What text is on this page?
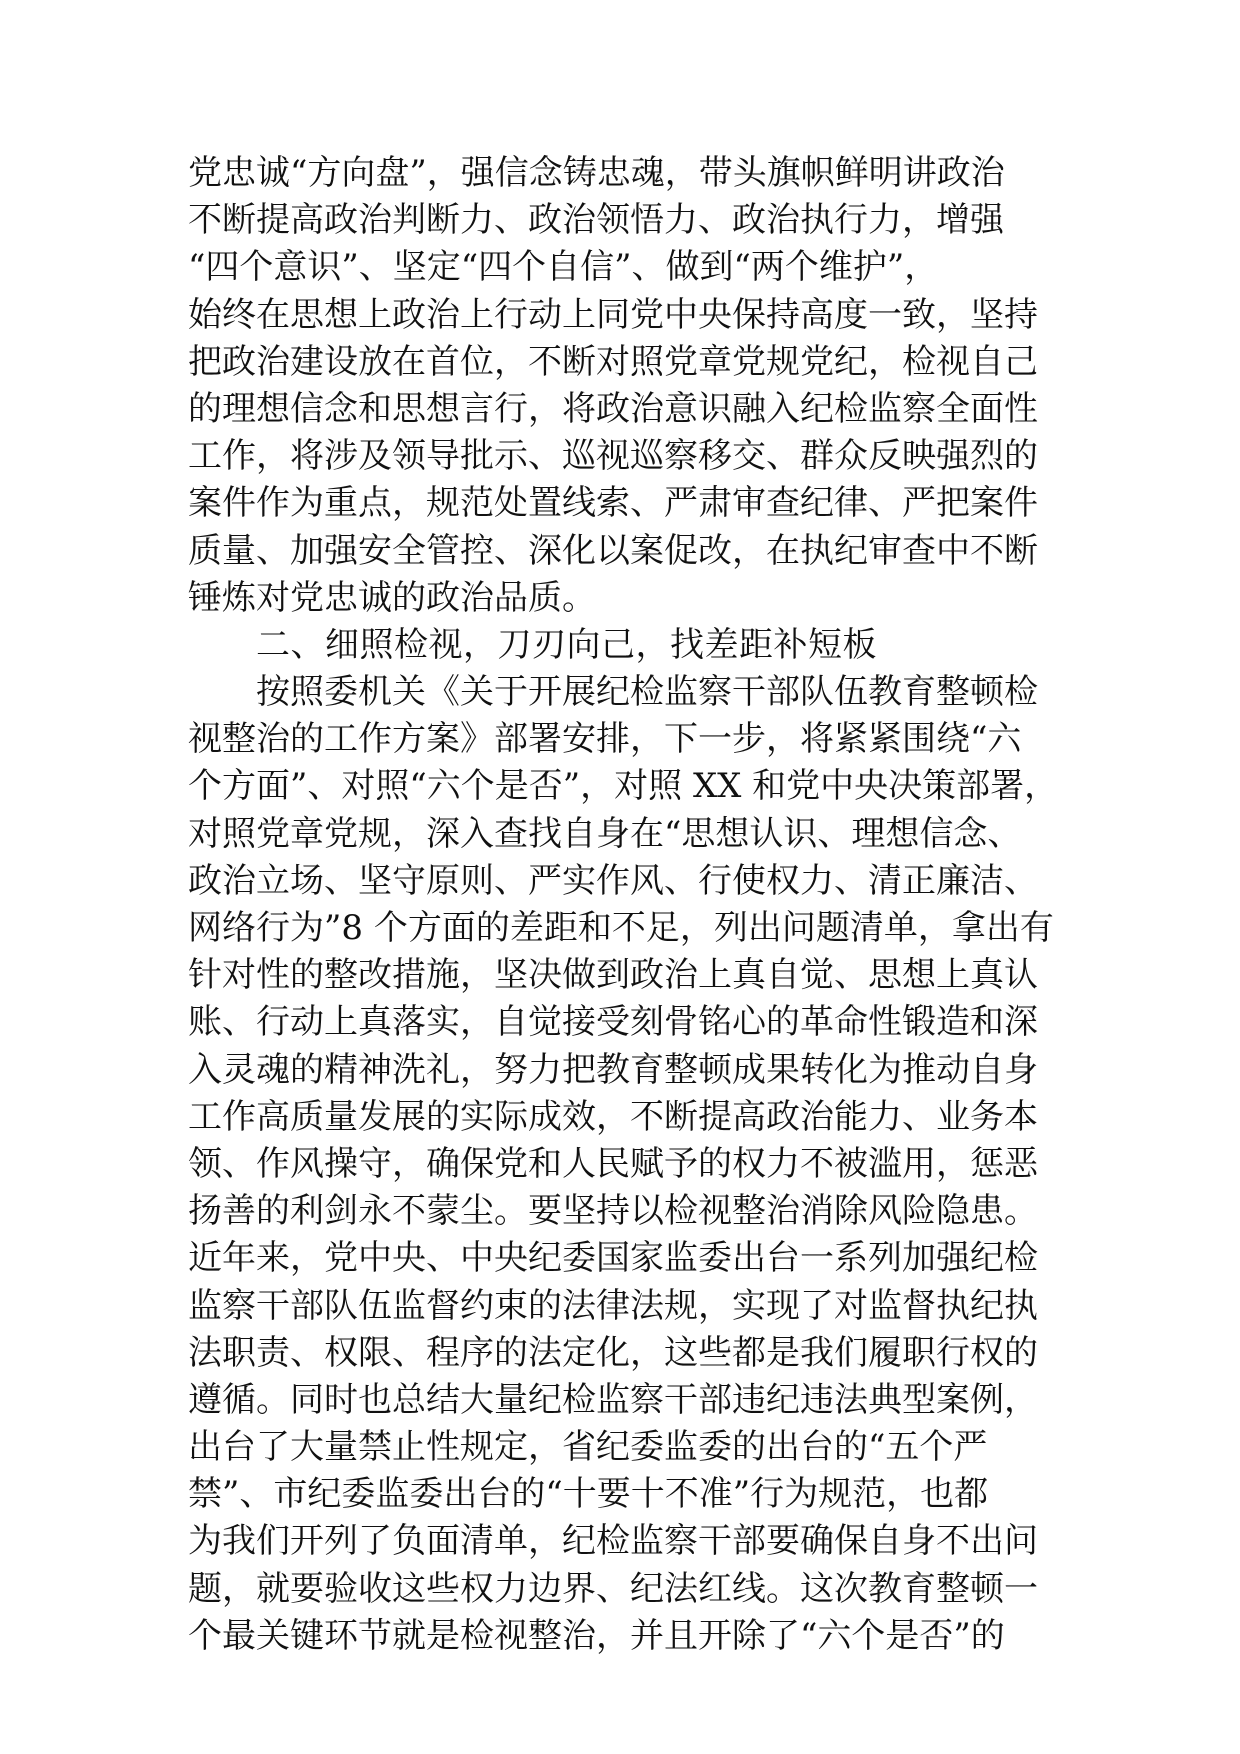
党忠诚“方向盘”，强信念铸忠魂，带头旗帜鲜明讲政治
不断提高政治判断力、政治领悟力、政治执行力，增强
“四个意识”、坚定“四个自信”、做到“两个维护”，
始终在思想上政治上行动上同党中央保持高度一致，坚持
把政治建设放在首位，不断对照党章党规党纪，检视自己
的理想信念和思想言行，将政治意识融入纪检监察全面性
工作，将涉及领导批示、巡视巡察移交、群众反映强烈的
案件作为重点，规范处置线索、严肃审查纪律、严把案件
质量、加强安全管控、深化以案促改，在执纪审查中不断
锤炼对党忠诚的政治品质。
二、细照检视，刀刃向己，找差距补短板
按照委机关《关于开展纪检监察干部队伍教育整顿检
视整治的工作方案》部署安排，下一步，将紧紧围绕“六
个方面”、对照“六个是否”，对照 XX 和党中央决策部署，
对照党章党规，深入查找自身在“思想认识、理想信念、
政治立场、坚守原则、严实作风、行使权力、清正廉洁、
网络行为”8 个方面的差距和不足，列出问题清单，拿出有
针对性的整改措施，坚决做到政治上真自觉、思想上真认
账、行动上真落实，自觉接受刻骨铭心的革命性锻造和深
入灵魂的精神洗礼，努力把教育整顿成果转化为推动自身
工作高质量发展的实际成效，不断提高政治能力、业务本
领、作风操守，确保党和人民赋予的权力不被滥用，惩恶
扬善的利剑永不蒙尘。要坚持以检视整治消除风险隐患。
近年来，党中央、中央纪委国家监委出台一系列加强纪检
监察干部队伍监督约束的法律法规，实现了对监督执纪执
法职责、权限、程序的法定化，这些都是我们履职行权的
遵循。同时也总结大量纪检监察干部违纪违法典型案例，
出台了大量禁止性规定，省纪委监委的出台的“五个严
禁”、市纪委监委出台的“十要十不准”行为规范，也都
为我们开列了负面清单，纪检监察干部要确保自身不出问
题，就要验收这些权力边界、纪法红线。这次教育整顿一
个最关键环节就是检视整治，并且开除了“六个是否”的
